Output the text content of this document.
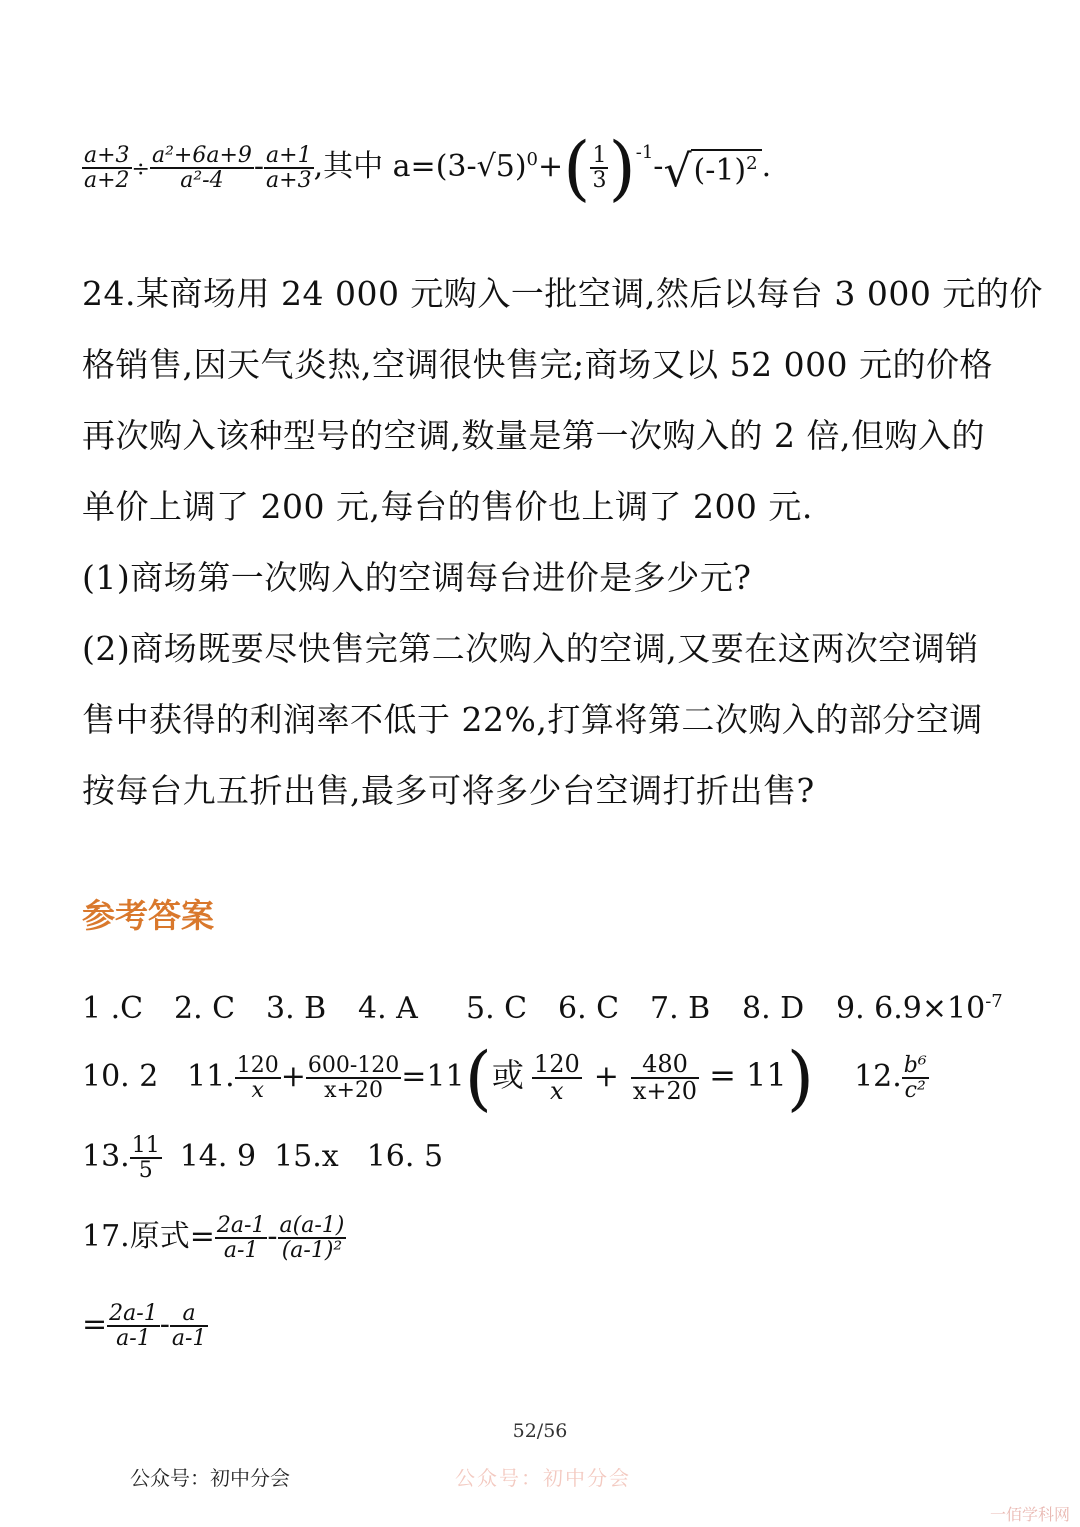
$\frac{a+3}{a+2} \div \frac{\text{a²+6a+9}}{\text{a²-4}} - \frac{a+1}{a+3}$ ,其中 $a=(3-√5)^0+( \frac{1}{3} )^{-1}-√(-1)^2$ .

24.某商场用 24 000 元购入一批空调,然后以每台 3 000 元的价

格销售,因天气炎热,空调很快售完;商场又以 52 000 元的价格

再次购入该种型号的空调,数量是第一次购入的 2 倍,但购入的

单价上调了 200 元,每台的售价也上调了 200 元.

(1)商场第一次购入的空调每台进价是多少元?

(2)商场既要尽快售完第二次购入的空调,又要在这两次空调销

售中获得的利润率不低于 22%,打算将第二次购入的部分空调

按每台九五折出售,最多可将多少台空调打折出售?

参考答案
1 .C 2. C 3. B 4. A 5. C 6. C 7. B 8. D 9. $6.9\times 10^{-7}$
10. 2 11. $\frac{120}{x} + \frac{600-120}{x+20} =11$(或 $\frac{120}{x} + \frac{480}{x+20} = 11$) 12. $\frac{\text{b⁶}}{\text{c²}}$
13. $\frac{11}{5} 14$. 9 15.x 16. 5
17.原式= $\frac{2a-1}{a-1} - \frac{a(a-1)}{\text{(a-1)²}}$
= $\frac{2a-1}{a-1} - \frac{a}{a-1}$
52/56
公众号：初中分会	公众号：初中分会
一佰学科网
